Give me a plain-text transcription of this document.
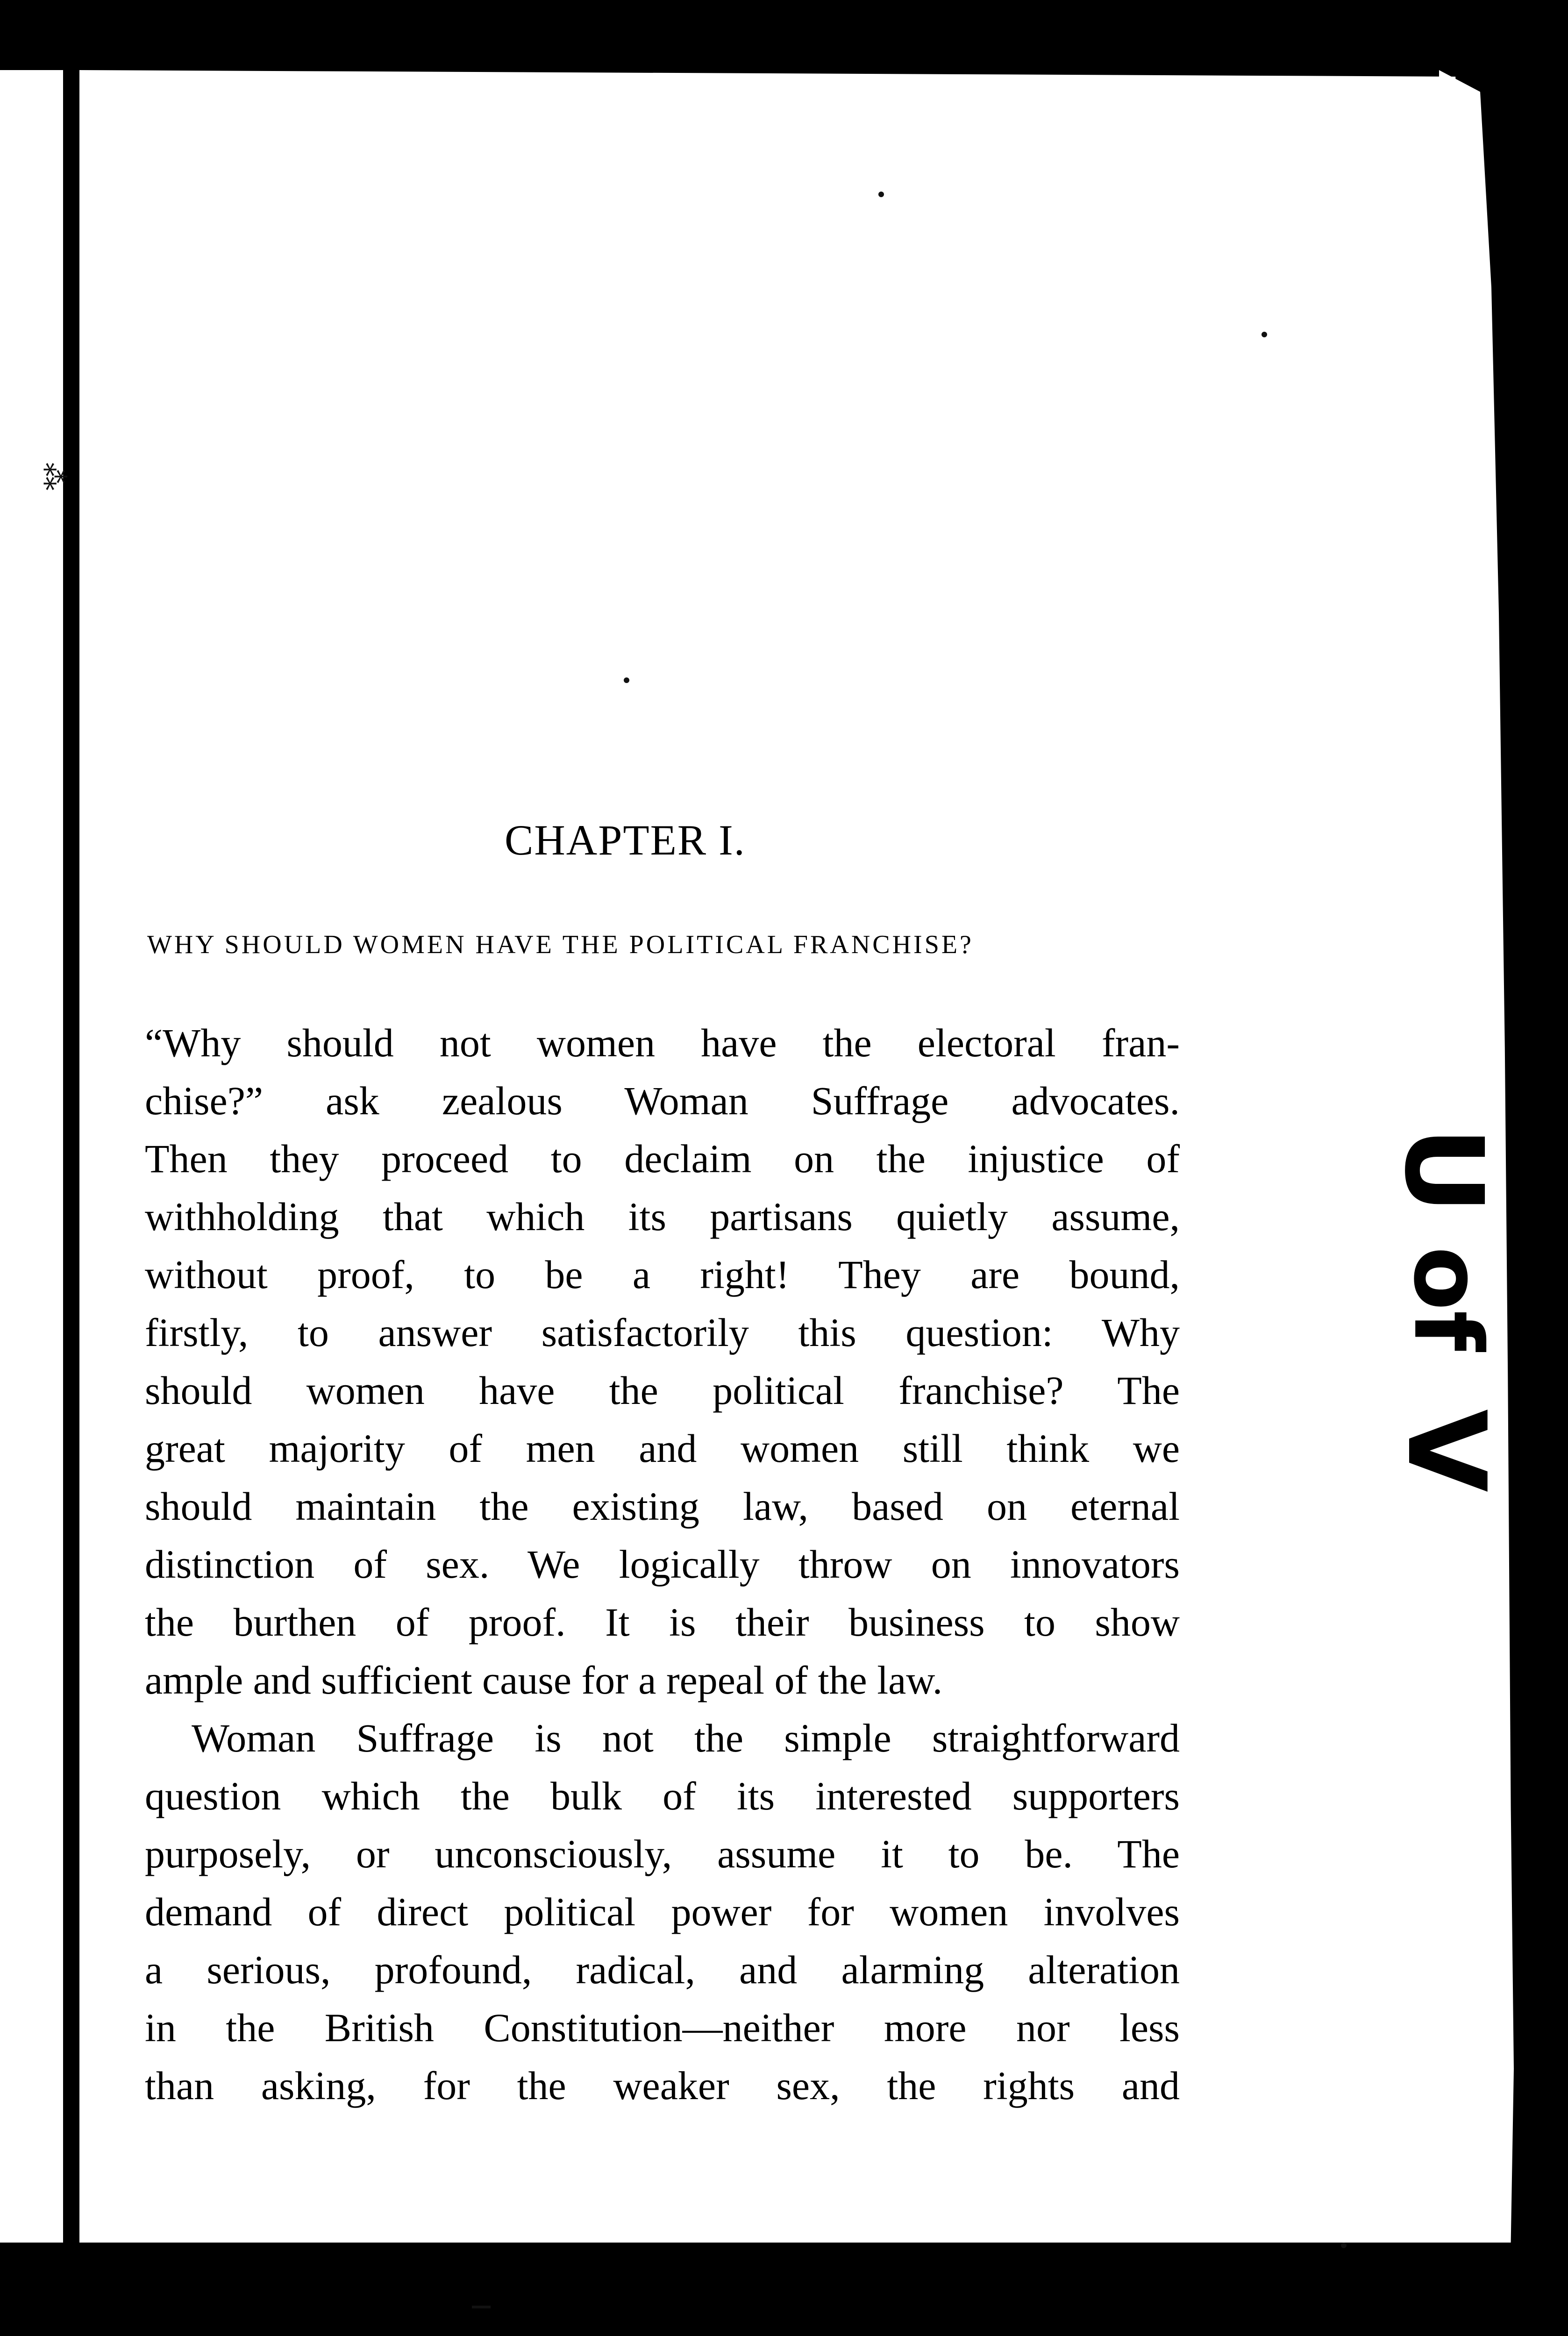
⁂
U
of
V
CHAPTER I.
WHY SHOULD WOMEN HAVE THE POLITICAL FRANCHISE?
“Why should not women have the electoral fran-
chise?” ask zealous Woman Suffrage advocates.
Then they proceed to declaim on the injustice of
withholding that which its partisans quietly assume,
without proof, to be a right! They are bound,
firstly, to answer satisfactorily this question: Why
should women have the political franchise? The
great majority of men and women still think we
should maintain the existing law, based on eternal
distinction of sex. We logically throw on innovators
the burthen of proof. It is their business to show
ample and sufficient cause for a repeal of the law.
Woman Suffrage is not the simple straightforward
question which the bulk of its interested supporters
purposely, or unconsciously, assume it to be. The
demand of direct political power for women involves
a serious, profound, radical, and alarming alteration
in the British Constitution—neither more nor less
than asking, for the weaker sex, the rights and
